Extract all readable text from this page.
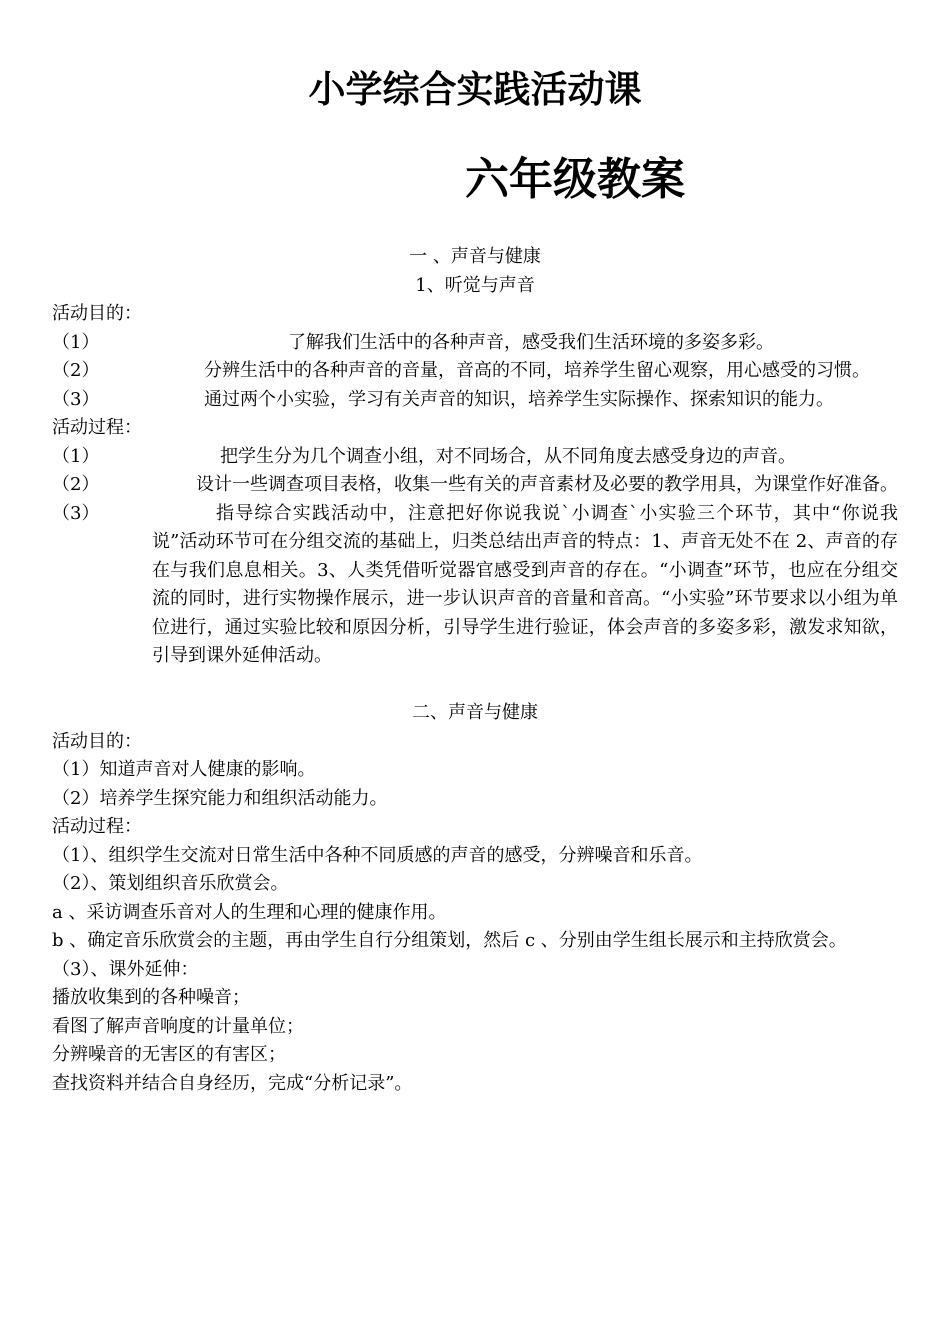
小学综合实践活动课
六年级教案
一 、声音与健康
1、听觉与声音
活动目的：
（1）	了解我们生活中的各种声音，感受我们生活环境的多姿多彩。
（2）	分辨生活中的各种声音的音量，音高的不同，培养学生留心观察，用心感受的习惯。
（3）	通过两个小实验，学习有关声音的知识，培养学生实际操作、探索知识的能力。
活动过程：
（1）	把学生分为几个调查小组，对不同场合，从不同角度去感受身边的声音。
（2）	设计一些调查项目表格，收集一些有关的声音素材及必要的教学用具，为课堂作好准备。
（3）	指导综合实践活动中，注意把好你说我说`小调查`小实验三个环节，其中“你说我说”活动环节可在分组交流的基础上，归类总结出声音的特点：1、声音无处不在 2、声音的存在与我们息息相关。3、人类凭借听觉器官感受到声音的存在。“小调查”环节，也应在分组交流的同时，进行实物操作展示，进一步认识声音的音量和音高。“小实验”环节要求以小组为单位进行，通过实验比较和原因分析，引导学生进行验证，体会声音的多姿多彩，激发求知欲，引导到课外延伸活动。
二、声音与健康
活动目的：
（1）知道声音对人健康的影响。
（2）培养学生探究能力和组织活动能力。
活动过程：
（1）、组织学生交流对日常生活中各种不同质感的声音的感受，分辨噪音和乐音。
（2）、策划组织音乐欣赏会。
a 、采访调查乐音对人的生理和心理的健康作用。
b 、确定音乐欣赏会的主题，再由学生自行分组策划，然后 c 、分别由学生组长展示和主持欣赏会。
（3）、课外延伸：
播放收集到的各种噪音；
看图了解声音响度的计量单位；
分辨噪音的无害区的有害区；
查找资料并结合自身经历，完成“分析记录”。
